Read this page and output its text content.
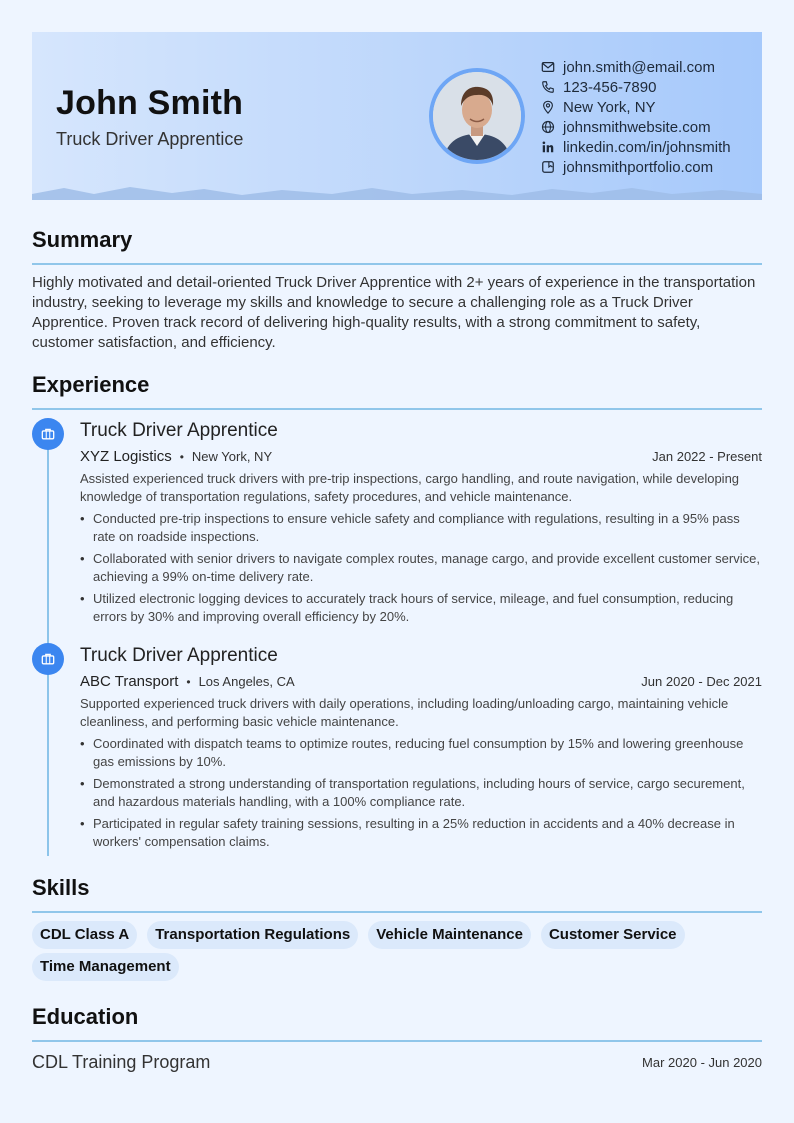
John Smith
Truck Driver Apprentice
john.smith@email.com
123-456-7890
New York, NY
johnsmithwebsite.com
linkedin.com/in/johnsmith
johnsmithportfolio.com
Summary
Highly motivated and detail-oriented Truck Driver Apprentice with 2+ years of experience in the transportation industry, seeking to leverage my skills and knowledge to secure a challenging role as a Truck Driver Apprentice. Proven track record of delivering high-quality results, with a strong commitment to safety, customer satisfaction, and efficiency.
Experience
Truck Driver Apprentice
XYZ Logistics • New York, NY	Jan 2022 - Present
Assisted experienced truck drivers with pre-trip inspections, cargo handling, and route navigation, while developing knowledge of transportation regulations, safety procedures, and vehicle maintenance.
• Conducted pre-trip inspections to ensure vehicle safety and compliance with regulations, resulting in a 95% pass rate on roadside inspections.
• Collaborated with senior drivers to navigate complex routes, manage cargo, and provide excellent customer service, achieving a 99% on-time delivery rate.
• Utilized electronic logging devices to accurately track hours of service, mileage, and fuel consumption, reducing errors by 30% and improving overall efficiency by 20%.
Truck Driver Apprentice
ABC Transport • Los Angeles, CA	Jun 2020 - Dec 2021
Supported experienced truck drivers with daily operations, including loading/unloading cargo, maintaining vehicle cleanliness, and performing basic vehicle maintenance.
• Coordinated with dispatch teams to optimize routes, reducing fuel consumption by 15% and lowering greenhouse gas emissions by 10%.
• Demonstrated a strong understanding of transportation regulations, including hours of service, cargo securement, and hazardous materials handling, with a 100% compliance rate.
• Participated in regular safety training sessions, resulting in a 25% reduction in accidents and a 40% decrease in workers' compensation claims.
Skills
CDL Class A	Transportation Regulations	Vehicle Maintenance	Customer Service
Time Management
Education
CDL Training Program	Mar 2020 - Jun 2020
